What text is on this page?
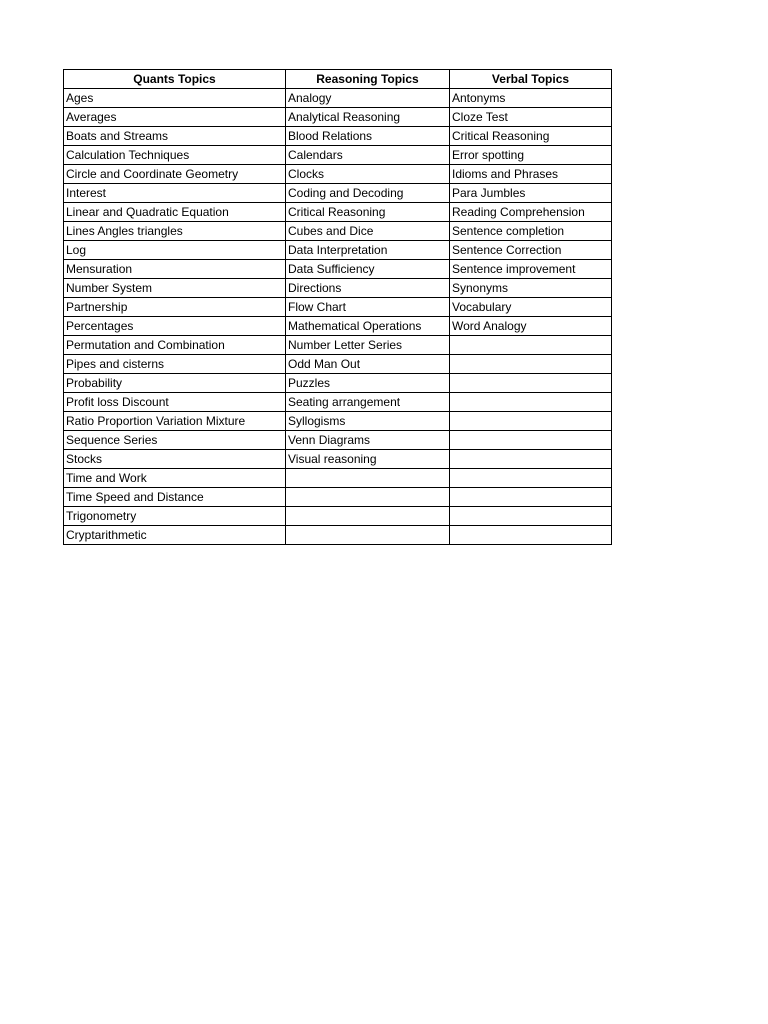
Quants Topics	Reasoning Topics	Verbal Topics
Ages	Analogy	Antonyms
Averages	Analytical Reasoning	Cloze Test
Boats and Streams	Blood Relations	Critical Reasoning
Calculation Techniques	Calendars	Error spotting
Circle and Coordinate Geometry	Clocks	Idioms and Phrases
Interest	Coding and Decoding	Para Jumbles
Linear and Quadratic Equation	Critical Reasoning	Reading Comprehension
Lines Angles triangles	Cubes and Dice	Sentence completion
Log	Data Interpretation	Sentence Correction
Mensuration	Data Sufficiency	Sentence improvement
Number System	Directions	Synonyms
Partnership	Flow Chart	Vocabulary
Percentages	Mathematical Operations	Word Analogy
Permutation and Combination	Number Letter Series	
Pipes and cisterns	Odd Man Out	
Probability	Puzzles	
Profit loss Discount	Seating arrangement	
Ratio Proportion Variation Mixture	Syllogisms	
Sequence Series	Venn Diagrams	
Stocks	Visual reasoning	
Time and Work		
Time Speed and Distance		
Trigonometry		
Cryptarithmetic		
